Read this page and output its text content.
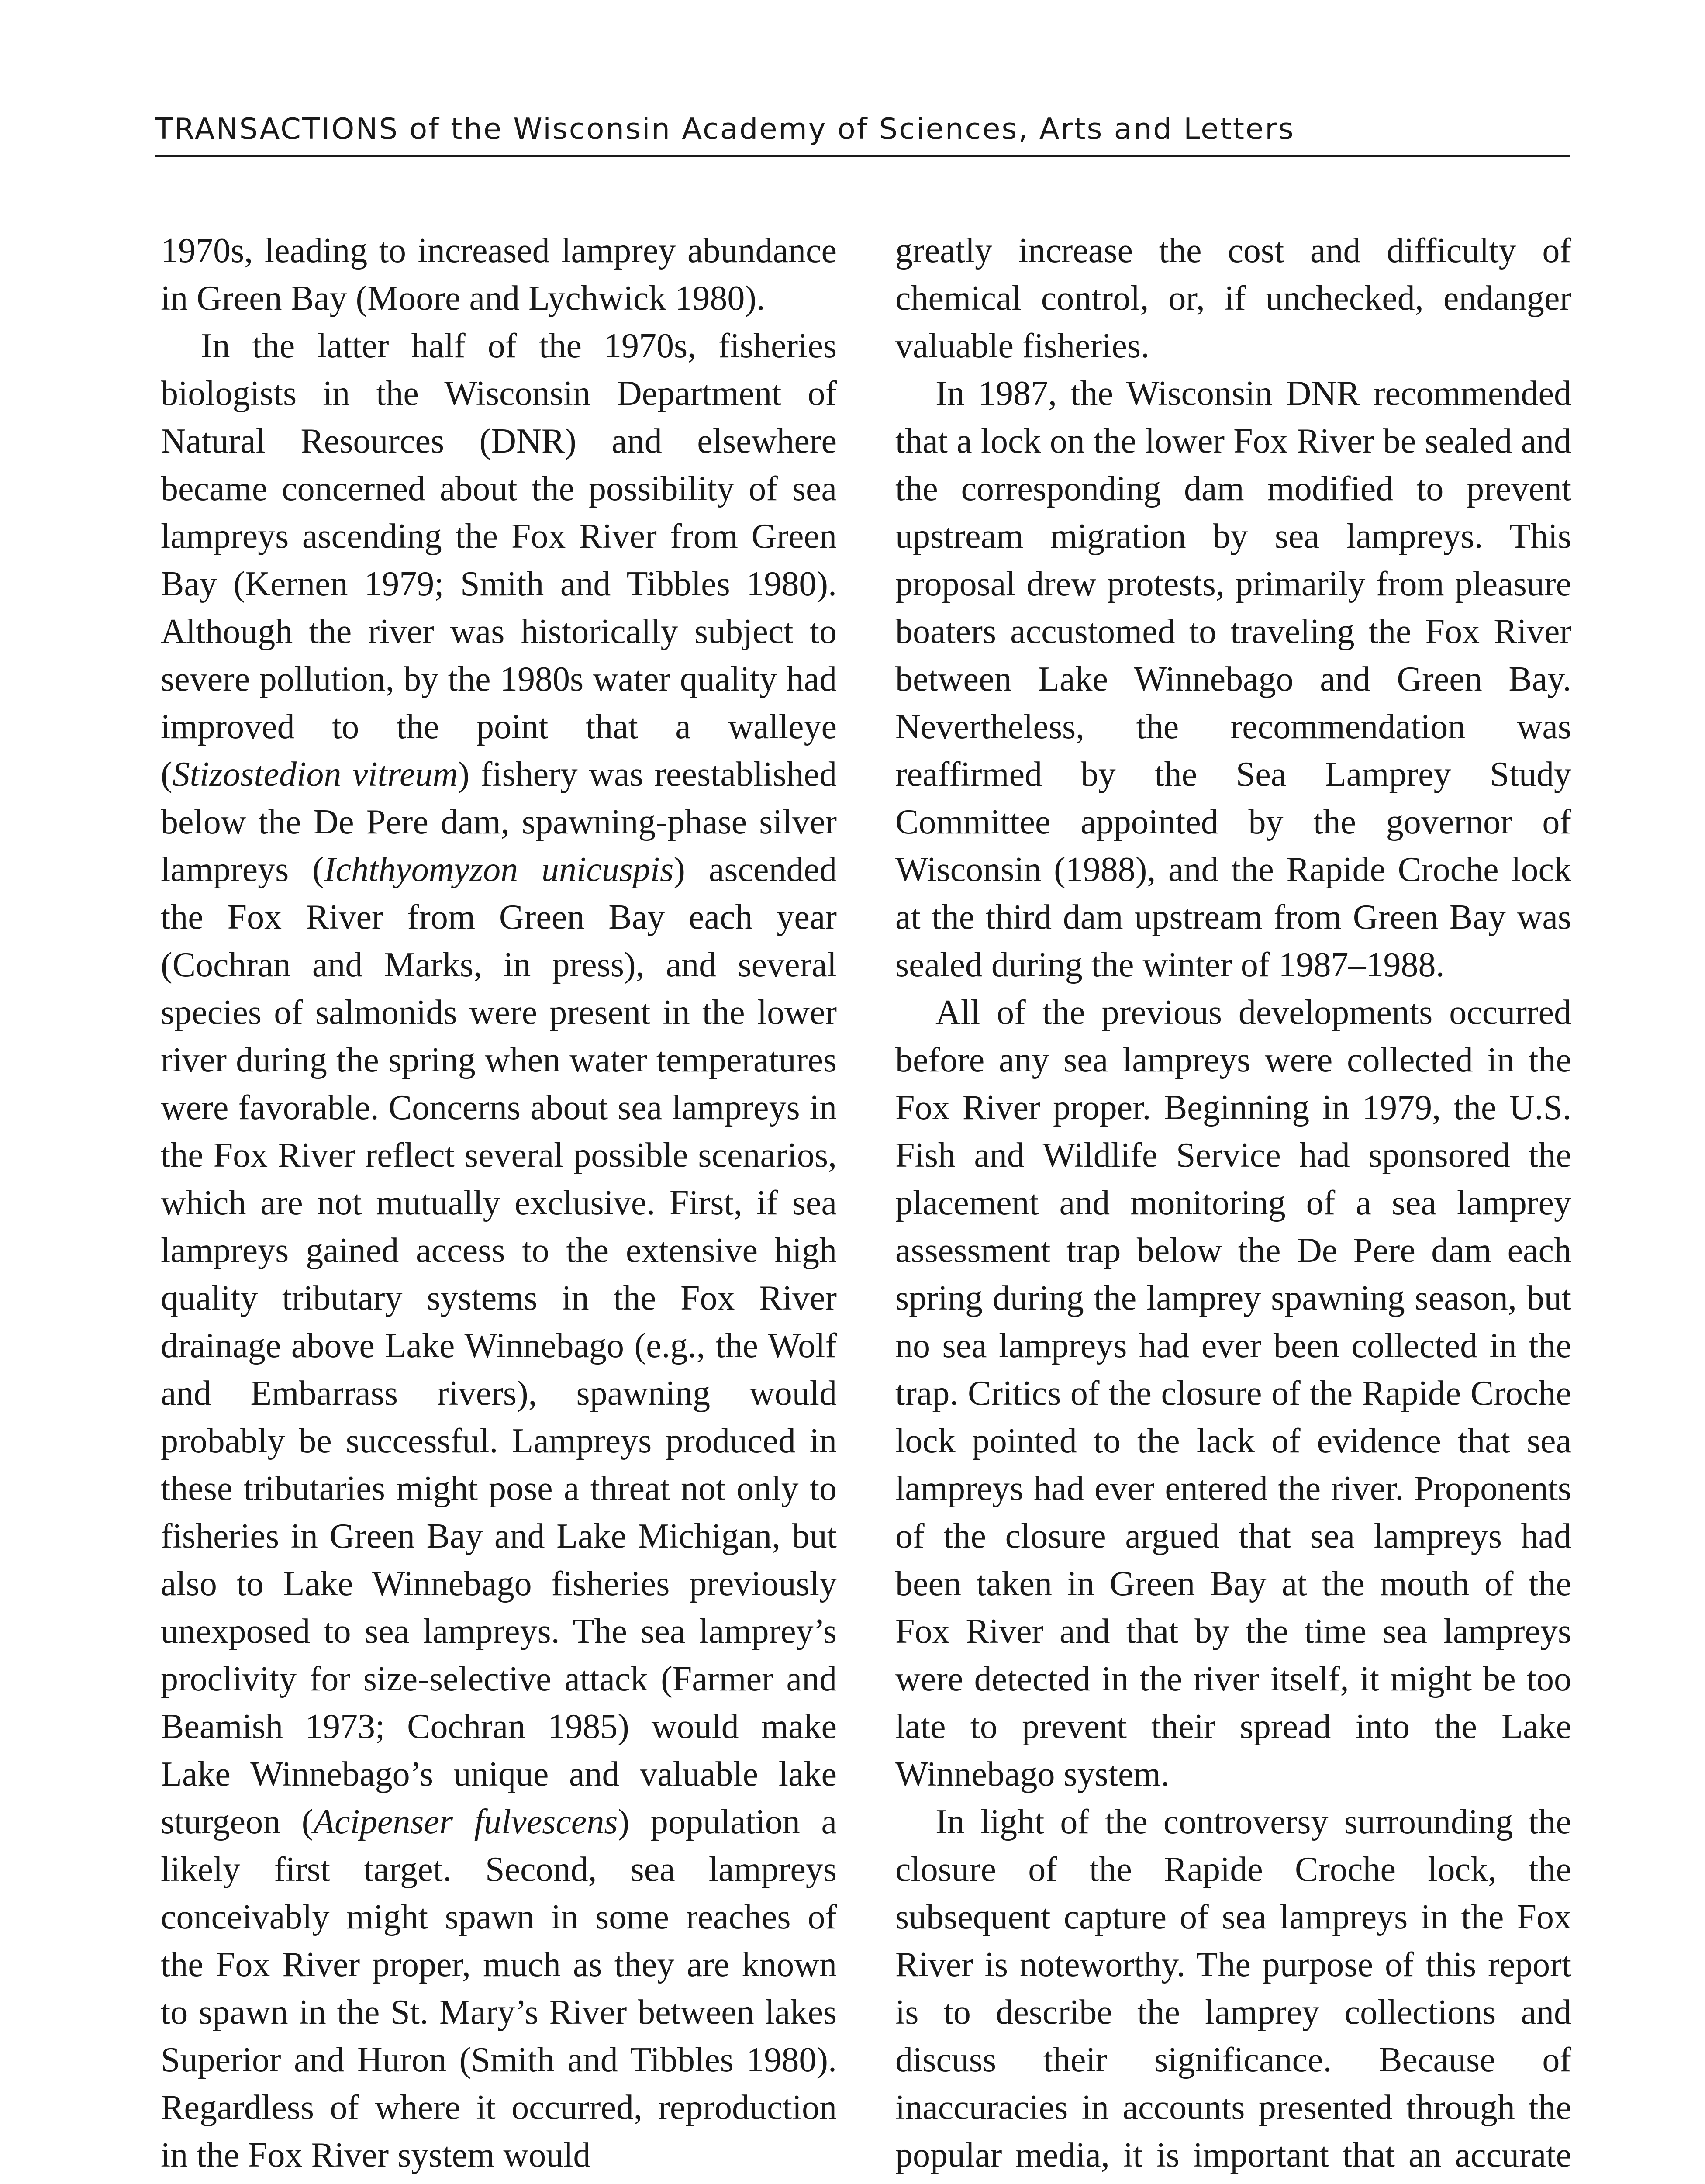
TRANSACTIONS of the Wisconsin Academy of Sciences, Arts and Letters

1970s, leading to increased lamprey abundance in Green Bay (Moore and Lychwick 1980).

In the latter half of the 1970s, fisheries biologists in the Wisconsin Department of Natural Resources (DNR) and elsewhere became concerned about the possibility of sea lampreys ascending the Fox River from Green Bay (Kernen 1979; Smith and Tibbles 1980). Although the river was historically subject to severe pollution, by the 1980s water quality had improved to the point that a walleye (Stizostedion vitreum) fishery was reestablished below the De Pere dam, spawning-phase silver lampreys (Ichthyomyzon unicuspis) ascended the Fox River from Green Bay each year (Cochran and Marks, in press), and several species of salmonids were present in the lower river during the spring when water temperatures were favorable. Concerns about sea lampreys in the Fox River reflect several possible scenarios, which are not mutually exclusive. First, if sea lampreys gained access to the extensive high quality tributary systems in the Fox River drainage above Lake Winnebago (e.g., the Wolf and Embarrass rivers), spawning would probably be successful. Lampreys produced in these tributaries might pose a threat not only to fisheries in Green Bay and Lake Michigan, but also to Lake Winnebago fisheries previously unexposed to sea lampreys. The sea lamprey’s proclivity for size-selective attack (Farmer and Beamish 1973; Cochran 1985) would make Lake Winnebago’s unique and valuable lake sturgeon (Acipenser fulvescens) population a likely first target. Second, sea lampreys conceivably might spawn in some reaches of the Fox River proper, much as they are known to spawn in the St. Mary’s River between lakes Superior and Huron (Smith and Tibbles 1980). Regardless of where it occurred, reproduction in the Fox River system would

greatly increase the cost and difficulty of chemical control, or, if unchecked, endanger valuable fisheries.

In 1987, the Wisconsin DNR recommended that a lock on the lower Fox River be sealed and the corresponding dam modified to prevent upstream migration by sea lampreys. This proposal drew protests, primarily from pleasure boaters accustomed to traveling the Fox River between Lake Winnebago and Green Bay. Nevertheless, the recommendation was reaffirmed by the Sea Lamprey Study Committee appointed by the governor of Wisconsin (1988), and the Rapide Croche lock at the third dam upstream from Green Bay was sealed during the winter of 1987–1988.

All of the previous developments occurred before any sea lampreys were collected in the Fox River proper. Beginning in 1979, the U.S. Fish and Wildlife Service had sponsored the placement and monitoring of a sea lamprey assessment trap below the De Pere dam each spring during the lamprey spawning season, but no sea lampreys had ever been collected in the trap. Critics of the closure of the Rapide Croche lock pointed to the lack of evidence that sea lampreys had ever entered the river. Proponents of the closure argued that sea lampreys had been taken in Green Bay at the mouth of the Fox River and that by the time sea lampreys were detected in the river itself, it might be too late to prevent their spread into the Lake Winnebago system.

In light of the controversy surrounding the closure of the Rapide Croche lock, the subsequent capture of sea lampreys in the Fox River is noteworthy. The purpose of this report is to describe the lamprey collections and discuss their significance. Because of inaccuracies in accounts presented through the popular media, it is important that an accurate
